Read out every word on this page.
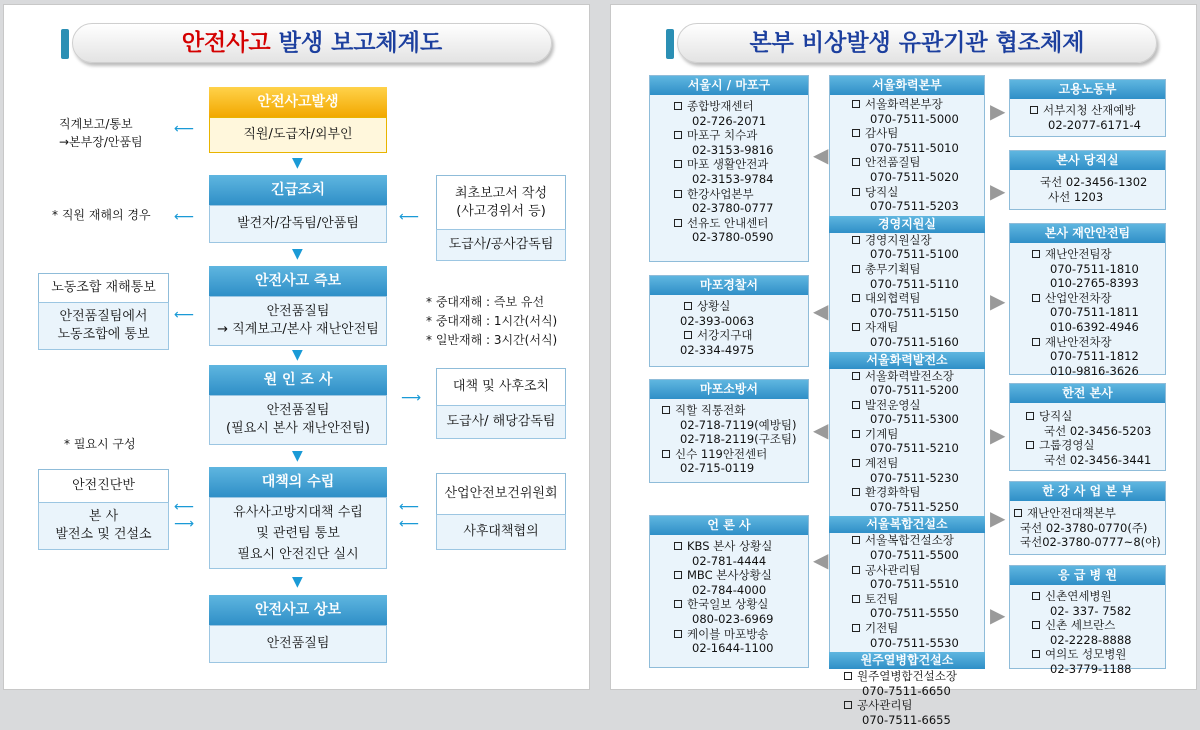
안전사고 발생 보고체계도
안전사고발생
직원/도급자/외부인
▼
긴급조치
발견자/감독팀/안품팀
▼
안전사고 즉보
안전품질팀
→ 직계보고/본사 재난안전팀
▼
원 인 조 사
안전품질팀
(필요시 본사 재난안전팀)
▼
대책의 수립
유사사고방지대책 수립
및 관련팀 통보
필요시 안전진단 실시
▼
안전사고 상보
안전품질팀
직계보고/통보
→본부장/안품팀
⟵
* 직원 재해의 경우 ⟵
* 중대재해 : 즉보 유선
* 중대재해 : 1시간(서식)
* 일반재해 : 3시간(서식)
* 필요시 구성
최초보고서 작성
(사고경위서 등)
도급사/공사감독팀
⟵
대책 및 사후조치
도급사/ 해당감독팀
⟶
산업안전보건위원회
사후대책협의
⟵
⟵
노동조합 재해통보
안전품질팀에서
노동조합에 통보
⟵
안전진단반
본 사
발전소 및 건설소
⟵
⟶
본부 비상발생 유관기관 협조체제
서울시 / 마포구
종합방재센터
02-726-2071
마포구 치수과
02-3153-9816
마포 생활안전과
02-3153-9784
한강사업본부
02-3780-0777
선유도 안내센터
02-3780-0590
마포경찰서
상황실
02-393-0063
서강지구대
02-334-4975
마포소방서
직할 직통전화
02-718-7119(예방팀)
02-718-2119(구조팀)
신수 119안전센터
02-715-0119
언 론 사
KBS 본사 상황실
02-781-4444
MBC 본사상황실
02-784-4000
한국일보 상황실
080-023-6969
케이블 마포방송
02-1644-1100
◀
◀
◀
◀
서울화력본부
서울화력본부장
070-7511-5000
감사팀
070-7511-5010
안전품질팀
070-7511-5020
당직실
070-7511-5203
경영지원실
경영지원실장
070-7511-5100
총무기획팀
070-7511-5110
대외협력팀
070-7511-5150
자재팀
070-7511-5160
서울화력발전소
서울화력발전소장
070-7511-5200
발전운영실
070-7511-5300
기계팀
070-7511-5210
계전팀
070-7511-5230
환경화학팀
070-7511-5250
서울복합건설소
서울복합건설소장
070-7511-5500
공사관리팀
070-7511-5510
토건팀
070-7511-5550
기전팀
070-7511-5530
원주열병합건설소
원주열병합건설소장
070-7511-6650
공사관리팀
070-7511-6655
▶
▶
▶
▶
▶
▶
고용노동부
서부지청 산재예방
02-2077-6171-4
본사 당직실
국선 02-3456-1302
사선 1203
본사 재안안전팀
재난안전팀장
070-7511-1810
010-2765-8393
산업안전차장
070-7511-1811
010-6392-4946
재난안전차장
070-7511-1812
010-9816-3626
한전 본사
당직실
국선 02-3456-5203
그룹경영실
국선 02-3456-3441
한 강 사 업 본 부
재난안전대책본부
국선 02-3780-0770(주)
국선02-3780-0777~8(야)
응 급 병 원
신촌연세병원
02- 337- 7582
신촌 세브란스
02-2228-8888
여의도 성모병원
02-3779-1188
